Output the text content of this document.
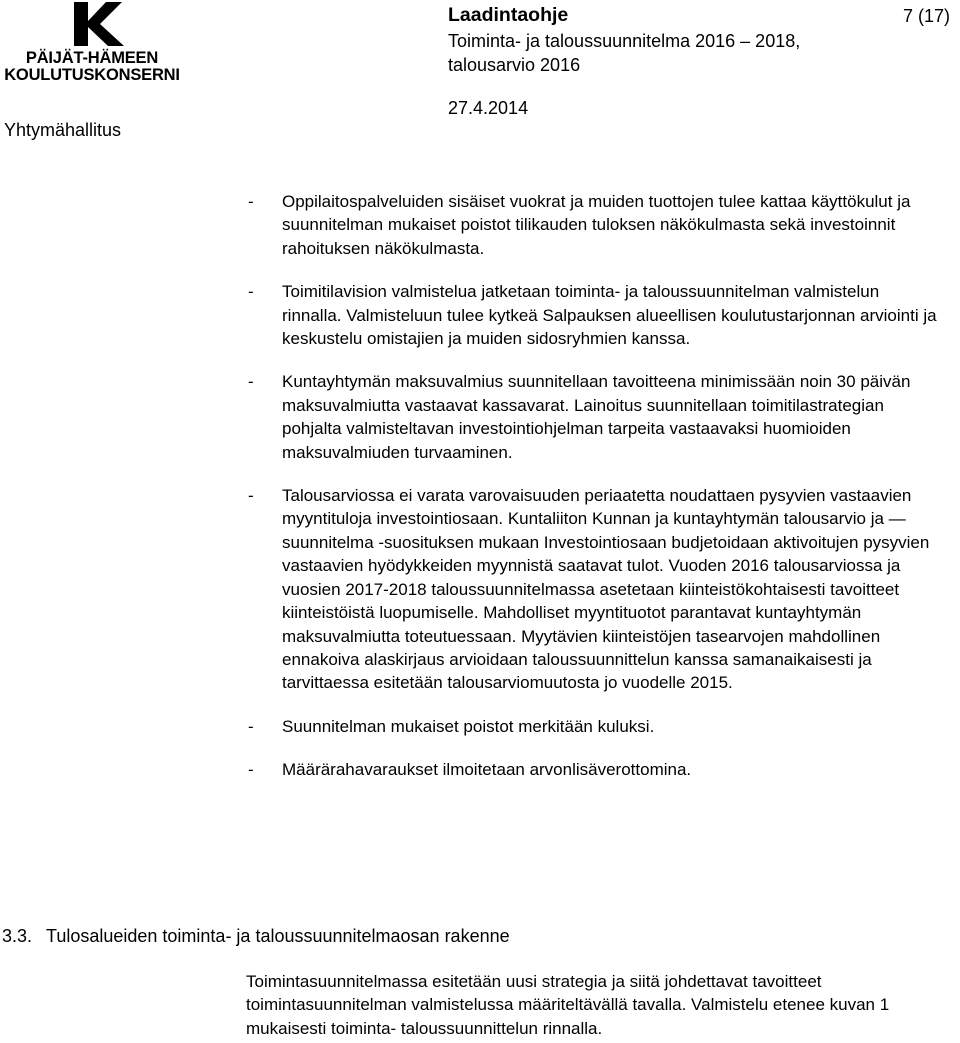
PÄIJÄT-HÄMEEN
KOULUTUSKONSERNI
Yhtymähallitus
Laadintaohje
Toiminta- ja taloussuunnitelma 2016 – 2018,
talousarvio 2016
27.4.2014
7 (17)
- Oppilaitospalveluiden sisäiset vuokrat ja muiden tuottojen tulee kattaa käyttökulut ja suunnitelman mukaiset poistot tilikauden tuloksen näkökulmasta sekä investoinnit rahoituksen näkökulmasta.
- Toimitilavision valmistelua jatketaan toiminta- ja taloussuunnitelman valmistelun rinnalla. Valmisteluun tulee kytkeä Salpauksen alueellisen koulutustarjonnan arviointi ja keskustelu omistajien ja muiden sidosryhmien kanssa.
- Kuntayhtymän maksuvalmius suunnitellaan tavoitteena minimissään noin 30 päivän maksuvalmiutta vastaavat kassavarat. Lainoitus suunnitellaan toimitilastrategian pohjalta valmisteltavan investointiohjelman tarpeita vastaavaksi huomioiden maksuvalmiuden turvaaminen.
- Talousarviossa ei varata varovaisuuden periaatetta noudattaen pysyvien vastaavien myyntituloja investointiosaan. Kuntaliiton Kunnan ja kuntayhtymän talousarvio ja — suunnitelma -suosituksen mukaan Investointiosaan budjetoidaan aktivoitujen pysyvien vastaavien hyödykkeiden myynnistä saatavat tulot. Vuoden 2016 talousarviossa ja vuosien 2017-2018 taloussuunnitelmassa asetetaan kiinteistökohtaisesti tavoitteet kiinteistöistä luopumiselle. Mahdolliset myyntituotot parantavat kuntayhtymän maksuvalmiutta toteutuessaan. Myytävien kiinteistöjen tasearvojen mahdollinen ennakoiva alaskirjaus arvioidaan taloussuunnittelun kanssa samanaikaisesti ja tarvittaessa esitetään talousarviomuutosta jo vuodelle 2015.
- Suunnitelman mukaiset poistot merkitään kuluksi.
- Määrärahavaraukset ilmoitetaan arvonlisäverottomina.
3.3. Tulosalueiden toiminta- ja taloussuunnitelmaosan rakenne
Toimintasuunnitelmassa esitetään uusi strategia ja siitä johdettavat tavoitteet toimintasuunnitelman valmistelussa määriteltävällä tavalla. Valmistelu etenee kuvan 1 mukaisesti toiminta- taloussuunnittelun rinnalla.
